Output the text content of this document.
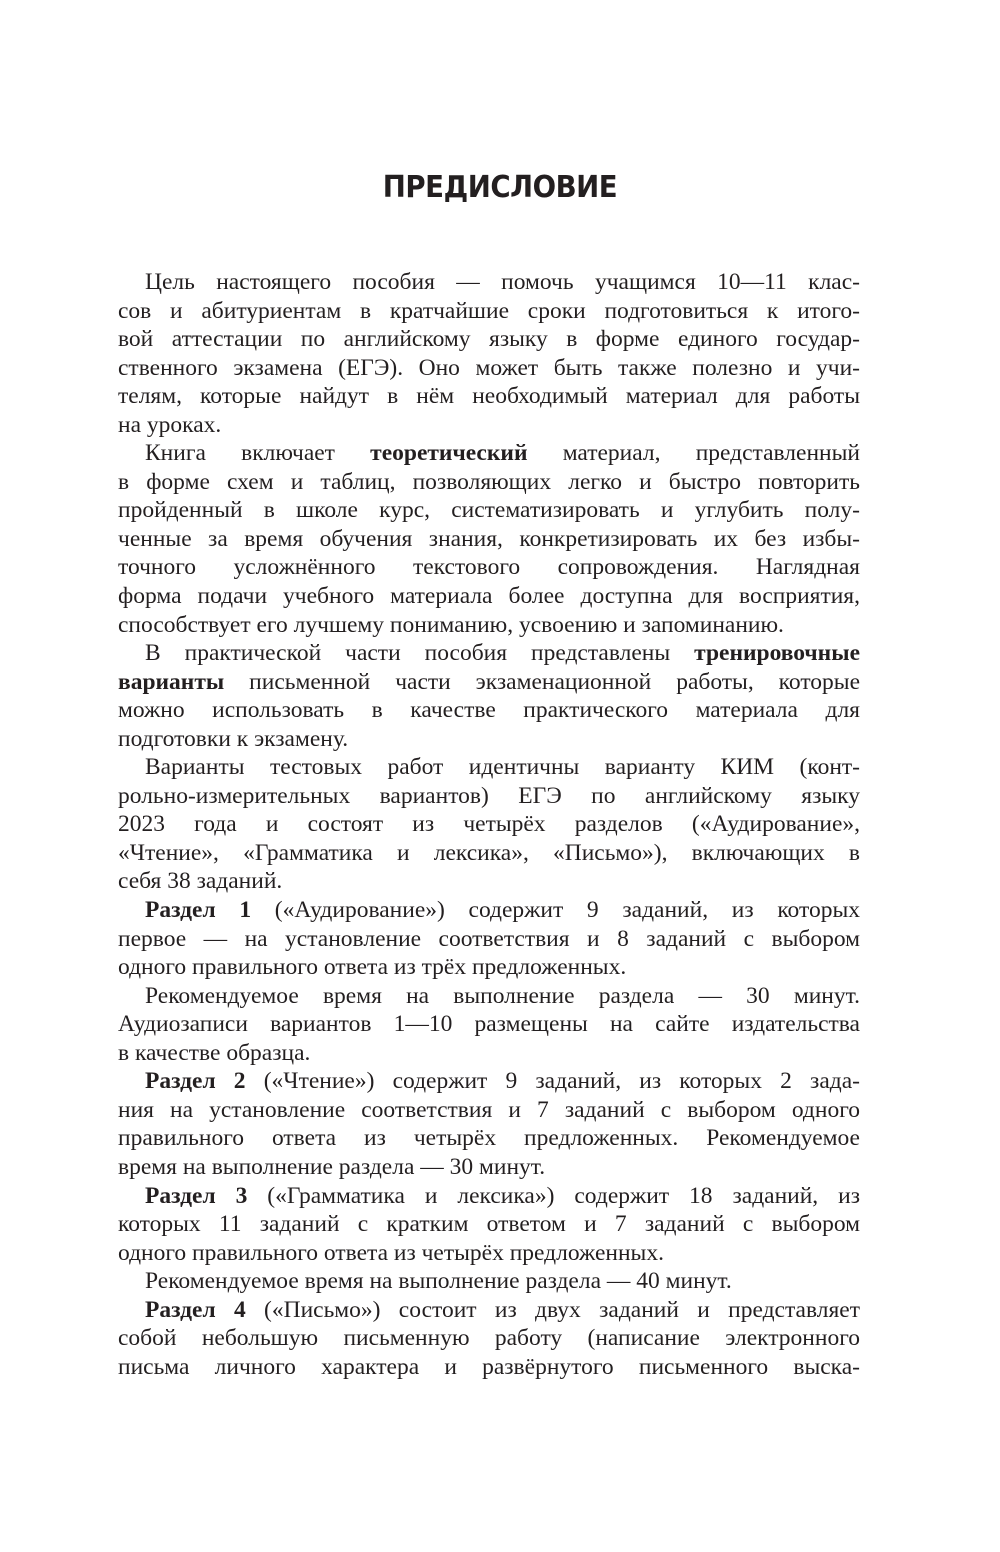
ПРЕДИСЛОВИЕ
Цель настоящего пособия — помочь учащимся 10—11 клас-
сов и абитуриентам в кратчайшие сроки подготовиться к итого-
вой аттестации по английскому языку в форме единого государ-
ственного экзамена (ЕГЭ). Оно может быть также полезно и учи-
телям, которые найдут в нём необходимый материал для работы
на уроках.
Книга включает теоретический материал, представленный
в форме схем и таблиц, позволяющих легко и быстро повторить
пройденный в школе курс, систематизировать и углубить полу-
ченные за время обучения знания, конкретизировать их без избы-
точного усложнённого текстового сопровождения. Наглядная
форма подачи учебного материала более доступна для восприятия,
способствует его лучшему пониманию, усвоению и запоминанию.
В практической части пособия представлены тренировочные
варианты письменной части экзаменационной работы, которые
можно использовать в качестве практического материала для
подготовки к экзамену.
Варианты тестовых работ идентичны варианту КИМ (конт-
рольно-измерительных вариантов) ЕГЭ по английскому языку
2023 года и состоят из четырёх разделов («Аудирование»,
«Чтение», «Грамматика и лексика», «Письмо»), включающих в
себя 38 заданий.
Раздел 1 («Аудирование») содержит 9 заданий, из которых
первое — на установление соответствия и 8 заданий с выбором
одного правильного ответа из трёх предложенных.
Рекомендуемое время на выполнение раздела — 30 минут.
Аудиозаписи вариантов 1—10 размещены на сайте издательства
в качестве образца.
Раздел 2 («Чтение») содержит 9 заданий, из которых 2 зада-
ния на установление соответствия и 7 заданий с выбором одного
правильного ответа из четырёх предложенных. Рекомендуемое
время на выполнение раздела — 30 минут.
Раздел 3 («Грамматика и лексика») содержит 18 заданий, из
которых 11 заданий с кратким ответом и 7 заданий с выбором
одного правильного ответа из четырёх предложенных.
Рекомендуемое время на выполнение раздела — 40 минут.
Раздел 4 («Письмо») состоит из двух заданий и представляет
собой небольшую письменную работу (написание электронного
письма личного характера и развёрнутого письменного выска-
